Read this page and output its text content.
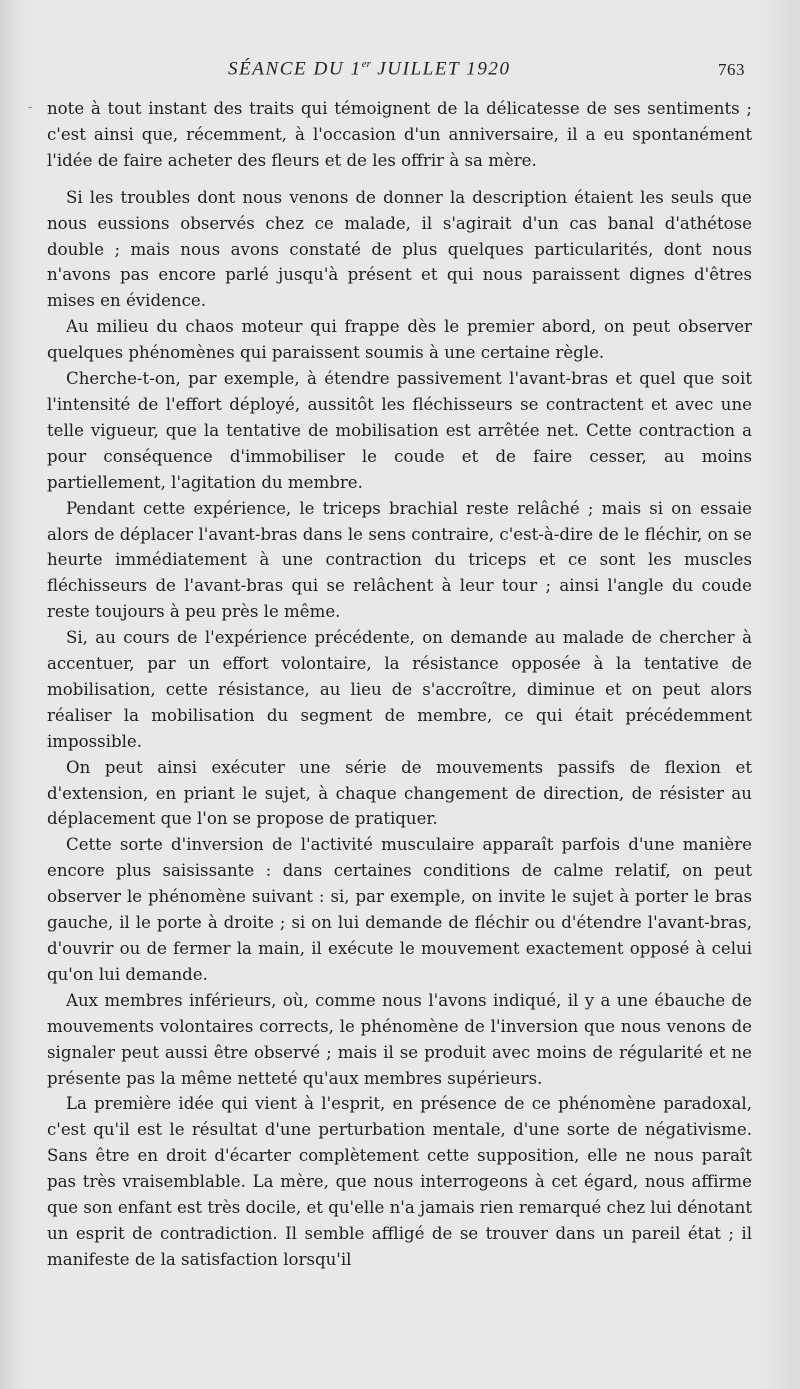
SÉANCE DU 1er JUILLET 1920	763
- note à tout instant des traits qui témoignent de la délicatesse de ses sentiments ; c'est ainsi que, récemment, à l'occasion d'un anniversaire, il a eu spontanément l'idée de faire acheter des fleurs et de les offrir à sa mère.

Si les troubles dont nous venons de donner la description étaient les seuls que nous eussions observés chez ce malade, il s'agirait d'un cas banal d'athétose double ; mais nous avons constaté de plus quelques particularités, dont nous n'avons pas encore parlé jusqu'à présent et qui nous paraissent dignes d'êtres mises en évidence.

Au milieu du chaos moteur qui frappe dès le premier abord, on peut observer quelques phénomènes qui paraissent soumis à une certaine règle.

Cherche-t-on, par exemple, à étendre passivement l'avant-bras et quel que soit l'intensité de l'effort déployé, aussitôt les fléchisseurs se contractent et avec une telle vigueur, que la tentative de mobilisation est arrêtée net. Cette contraction a pour conséquence d'immobiliser le coude et de faire cesser, au moins partiellement, l'agitation du membre.

Pendant cette expérience, le triceps brachial reste relâché ; mais si on essaie alors de déplacer l'avant-bras dans le sens contraire, c'est-à-dire de le fléchir, on se heurte immédiatement à une contraction du triceps et ce sont les muscles fléchisseurs de l'avant-bras qui se relâchent à leur tour ; ainsi l'angle du coude reste toujours à peu près le même.

Si, au cours de l'expérience précédente, on demande au malade de chercher à accentuer, par un effort volontaire, la résistance opposée à la tentative de mobilisation, cette résistance, au lieu de s'accroître, diminue et on peut alors réaliser la mobilisation du segment de membre, ce qui était précédemment impossible.

On peut ainsi exécuter une série de mouvements passifs de flexion et d'extension, en priant le sujet, à chaque changement de direction, de résister au déplacement que l'on se propose de pratiquer.

Cette sorte d'inversion de l'activité musculaire apparaît parfois d'une manière encore plus saisissante : dans certaines conditions de calme relatif, on peut observer le phénomène suivant : si, par exemple, on invite le sujet à porter le bras gauche, il le porte à droite ; si on lui demande de fléchir ou d'étendre l'avant-bras, d'ouvrir ou de fermer la main, il exécute le mouvement exactement opposé à celui qu'on lui demande.

Aux membres inférieurs, où, comme nous l'avons indiqué, il y a une ébauche de mouvements volontaires corrects, le phénomène de l'inversion que nous venons de signaler peut aussi être observé ; mais il se produit avec moins de régularité et ne présente pas la même netteté qu'aux membres supérieurs.

La première idée qui vient à l'esprit, en présence de ce phénomène paradoxal, c'est qu'il est le résultat d'une perturbation mentale, d'une sorte de négativisme. Sans être en droit d'écarter complètement cette supposition, elle ne nous paraît pas très vraisemblable. La mère, que nous interrogeons à cet égard, nous affirme que son enfant est très docile, et qu'elle n'a jamais rien remarqué chez lui dénotant un esprit de contradiction. Il semble affligé de se trouver dans un pareil état ; il manifeste de la satisfaction lorsqu'il
